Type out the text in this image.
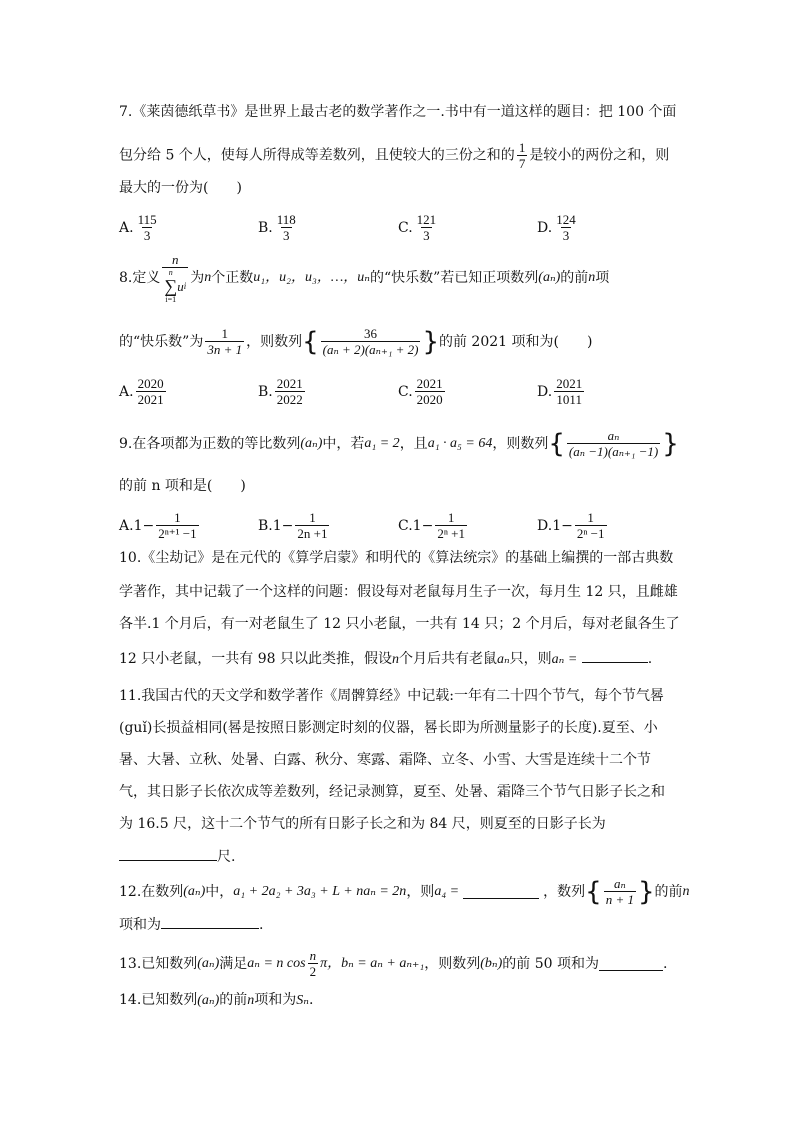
7.《莱茵德纸草书》是世界上最古老的数学著作之一.书中有一道这样的题目：把 100 个面
包分给 5 个人，使每人所得成等差数列，且使较大的三份之和的 $\frac{1}{7}$ 是较小的两份之和，则
最大的一份为(　　)
A. $\frac{115}{3}$	B. $\frac{118}{3}$	C. $\frac{121}{3}$	D. $\frac{124}{3}$
8.定义 n
n
∑
i=1
u i 为 n 个正数 u₁，u₂，u₃，…，uₙ 的“快乐数”若已知正项数列 (aₙ) 的前 n 项
的“快乐数”为 $\frac{1}{3n + 1}$ ，则数列 { $\frac{36}{\text{(aₙ + 2)(aₙ₊₁ + 2)}}$ } 的前 2021 项和为(　　)
A. $\frac{2020}{2021}$	B. $\frac{2021}{2022}$	C. $\frac{2021}{2020}$	D. $\frac{2021}{1011}$
9.在各项都为正数的等比数列 (aₙ) 中，若 a₁ = 2 ，且 a₁ · a₅ = 64 ，则数列 { $\frac{\text{aₙ}}{\text{(aₙ −1)(aₙ₊₁ −1)}}$ }
的前 n 项和是(　　)
A. $1- \frac{1}{\text{2ⁿ⁺¹ −1}}$	B. $1- \frac{1}{2n +1}$	C. $1- \frac{1}{\text{2ⁿ +1}}$	D. $1- \frac{1}{\text{2ⁿ −1}}$
10.《尘劫记》是在元代的《算学启蒙》和明代的《算法统宗》的基础上编撰的一部古典数
学著作，其中记载了一个这样的问题：假设每对老鼠每月生子一次，每月生 12 只，且雌雄
各半.1 个月后，有一对老鼠生了 12 只小老鼠，一共有 14 只；2 个月后，每对老鼠各生了
12 只小老鼠，一共有 98 只以此类推，假设n个月后共有老鼠aₙ只，则aₙ =	.
11.我国古代的天文学和数学著作《周髀算经》中记载:一年有二十四个节气，每个节气晷
(guǐ)长损益相同(晷是按照日影测定时刻的仪器，晷长即为所测量影子的长度).夏至、小
暑、大暑、立秋、处暑、白露、秋分、寒露、霜降、立冬、小雪、大雪是连续十二个节
气，其日影子长依次成等差数列，经记录测算，夏至、处暑、霜降三个节气日影子长之和
为 16.5 尺，这十二个节气的所有日影子长之和为 84 尺，则夏至的日影子长为
尺.
12.在数列 (aₙ) 中， a₁ + 2a₂ + 3a₃ + L + naₙ = 2n ，则 a₄ =	，数列 { $\frac{\text{aₙ}}{n + 1}$ } 的前 n
项和为	.
13.已知数列 (aₙ) 满足 aₙ = n $\cos \frac{n}{2}$ π， bₙ = aₙ + aₙ₊₁ ，则数列 (bₙ) 的前 50 项和为	.
14.已知数列(aₙ)的前n项和为Sₙ.
